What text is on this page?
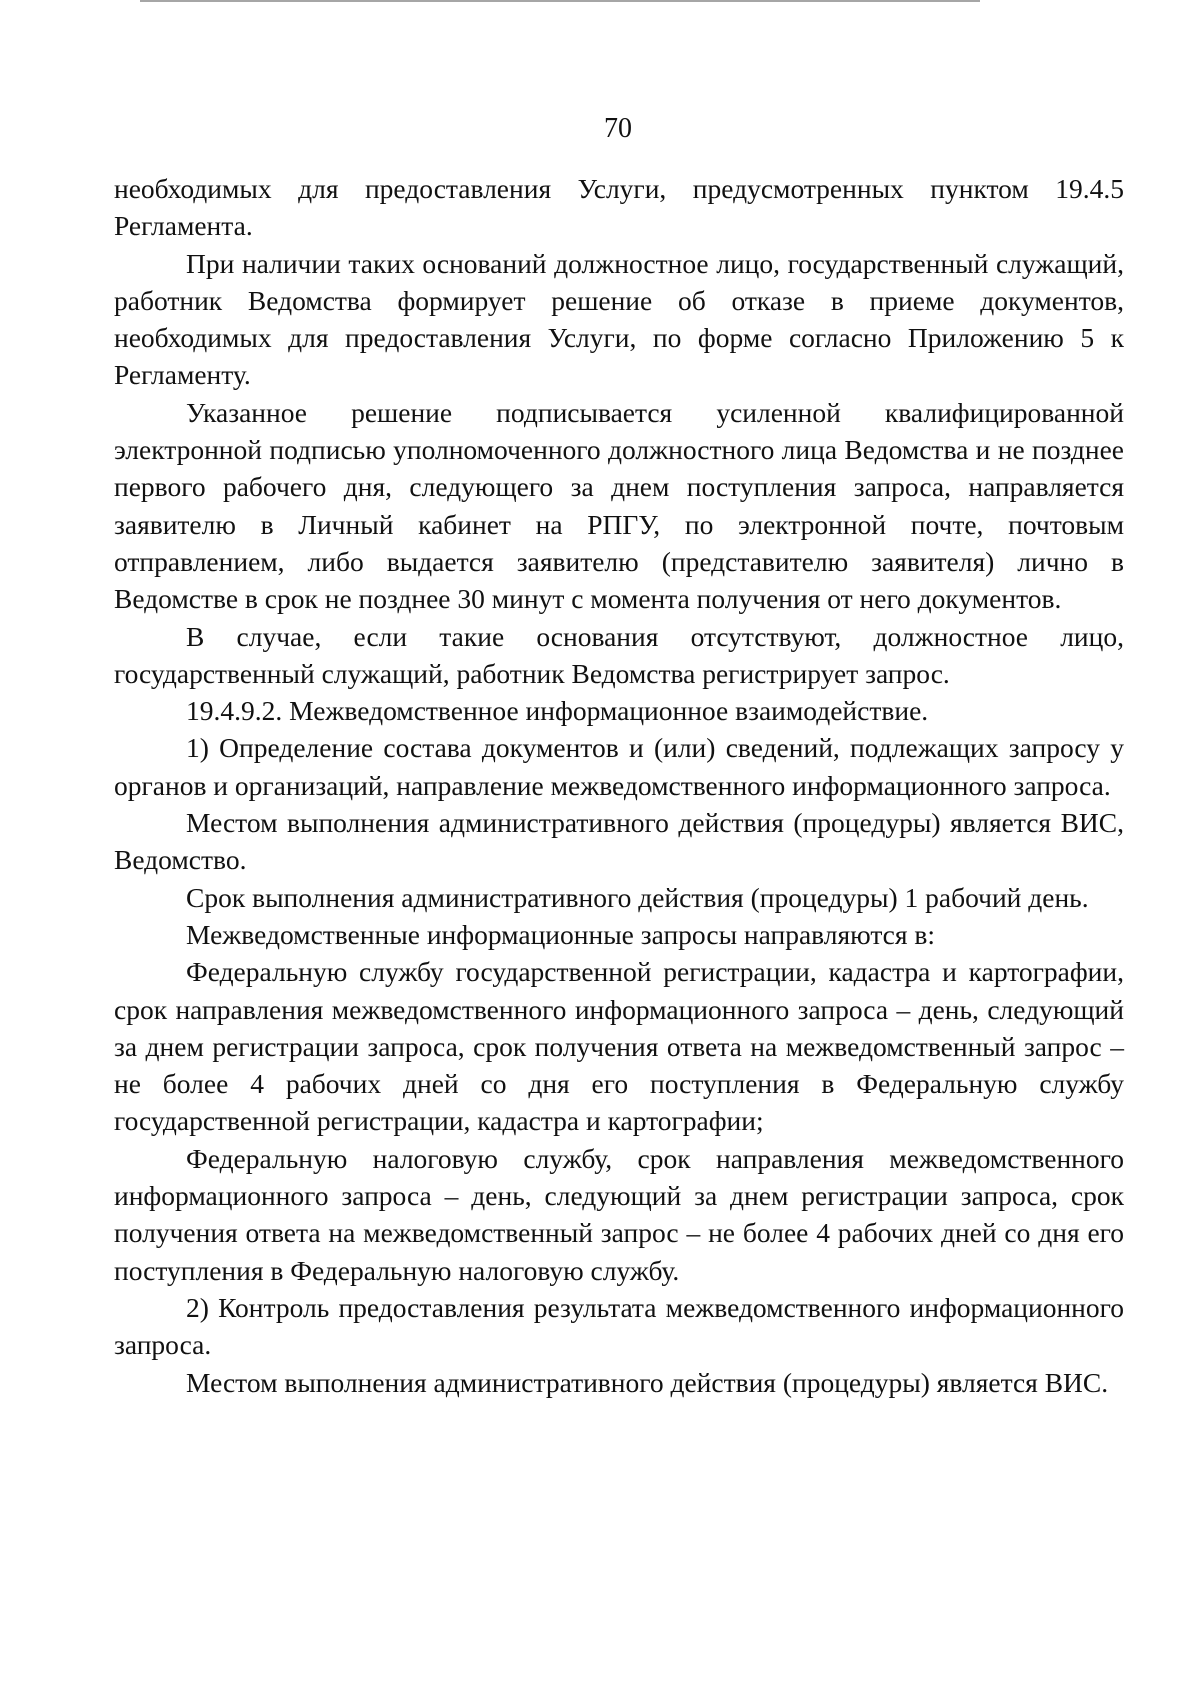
70

необходимых для предоставления Услуги, предусмотренных пунктом 19.4.5 Регламента.

При наличии таких оснований должностное лицо, государственный служащий, работник Ведомства формирует решение об отказе в приеме документов, необходимых для предоставления Услуги, по форме согласно Приложению 5 к Регламенту.

Указанное решение подписывается усиленной квалифицированной электронной подписью уполномоченного должностного лица Ведомства и не позднее первого рабочего дня, следующего за днем поступления запроса, направляется заявителю в Личный кабинет на РПГУ, по электронной почте, почтовым отправлением, либо выдается заявителю (представителю заявителя) лично в Ведомстве в срок не позднее 30 минут с момента получения от него документов.

В случае, если такие основания отсутствуют, должностное лицо, государственный служащий, работник Ведомства регистрирует запрос.

19.4.9.2. Межведомственное информационное взаимодействие.

1) Определение состава документов и (или) сведений, подлежащих запросу у органов и организаций, направление межведомственного информационного запроса.

Местом выполнения административного действия (процедуры) является ВИС, Ведомство.

Срок выполнения административного действия (процедуры) 1 рабочий день.

Межведомственные информационные запросы направляются в:

Федеральную службу государственной регистрации, кадастра и картографии, срок направления межведомственного информационного запроса – день, следующий за днем регистрации запроса, срок получения ответа на межведомственный запрос – не более 4 рабочих дней со дня его поступления в Федеральную службу государственной регистрации, кадастра и картографии;

Федеральную налоговую службу, срок направления межведомственного информационного запроса – день, следующий за днем регистрации запроса, срок получения ответа на межведомственный запрос – не более 4 рабочих дней со дня его поступления в Федеральную налоговую службу.

2) Контроль предоставления результата межведомственного информационного запроса.

Местом выполнения административного действия (процедуры) является ВИС.
